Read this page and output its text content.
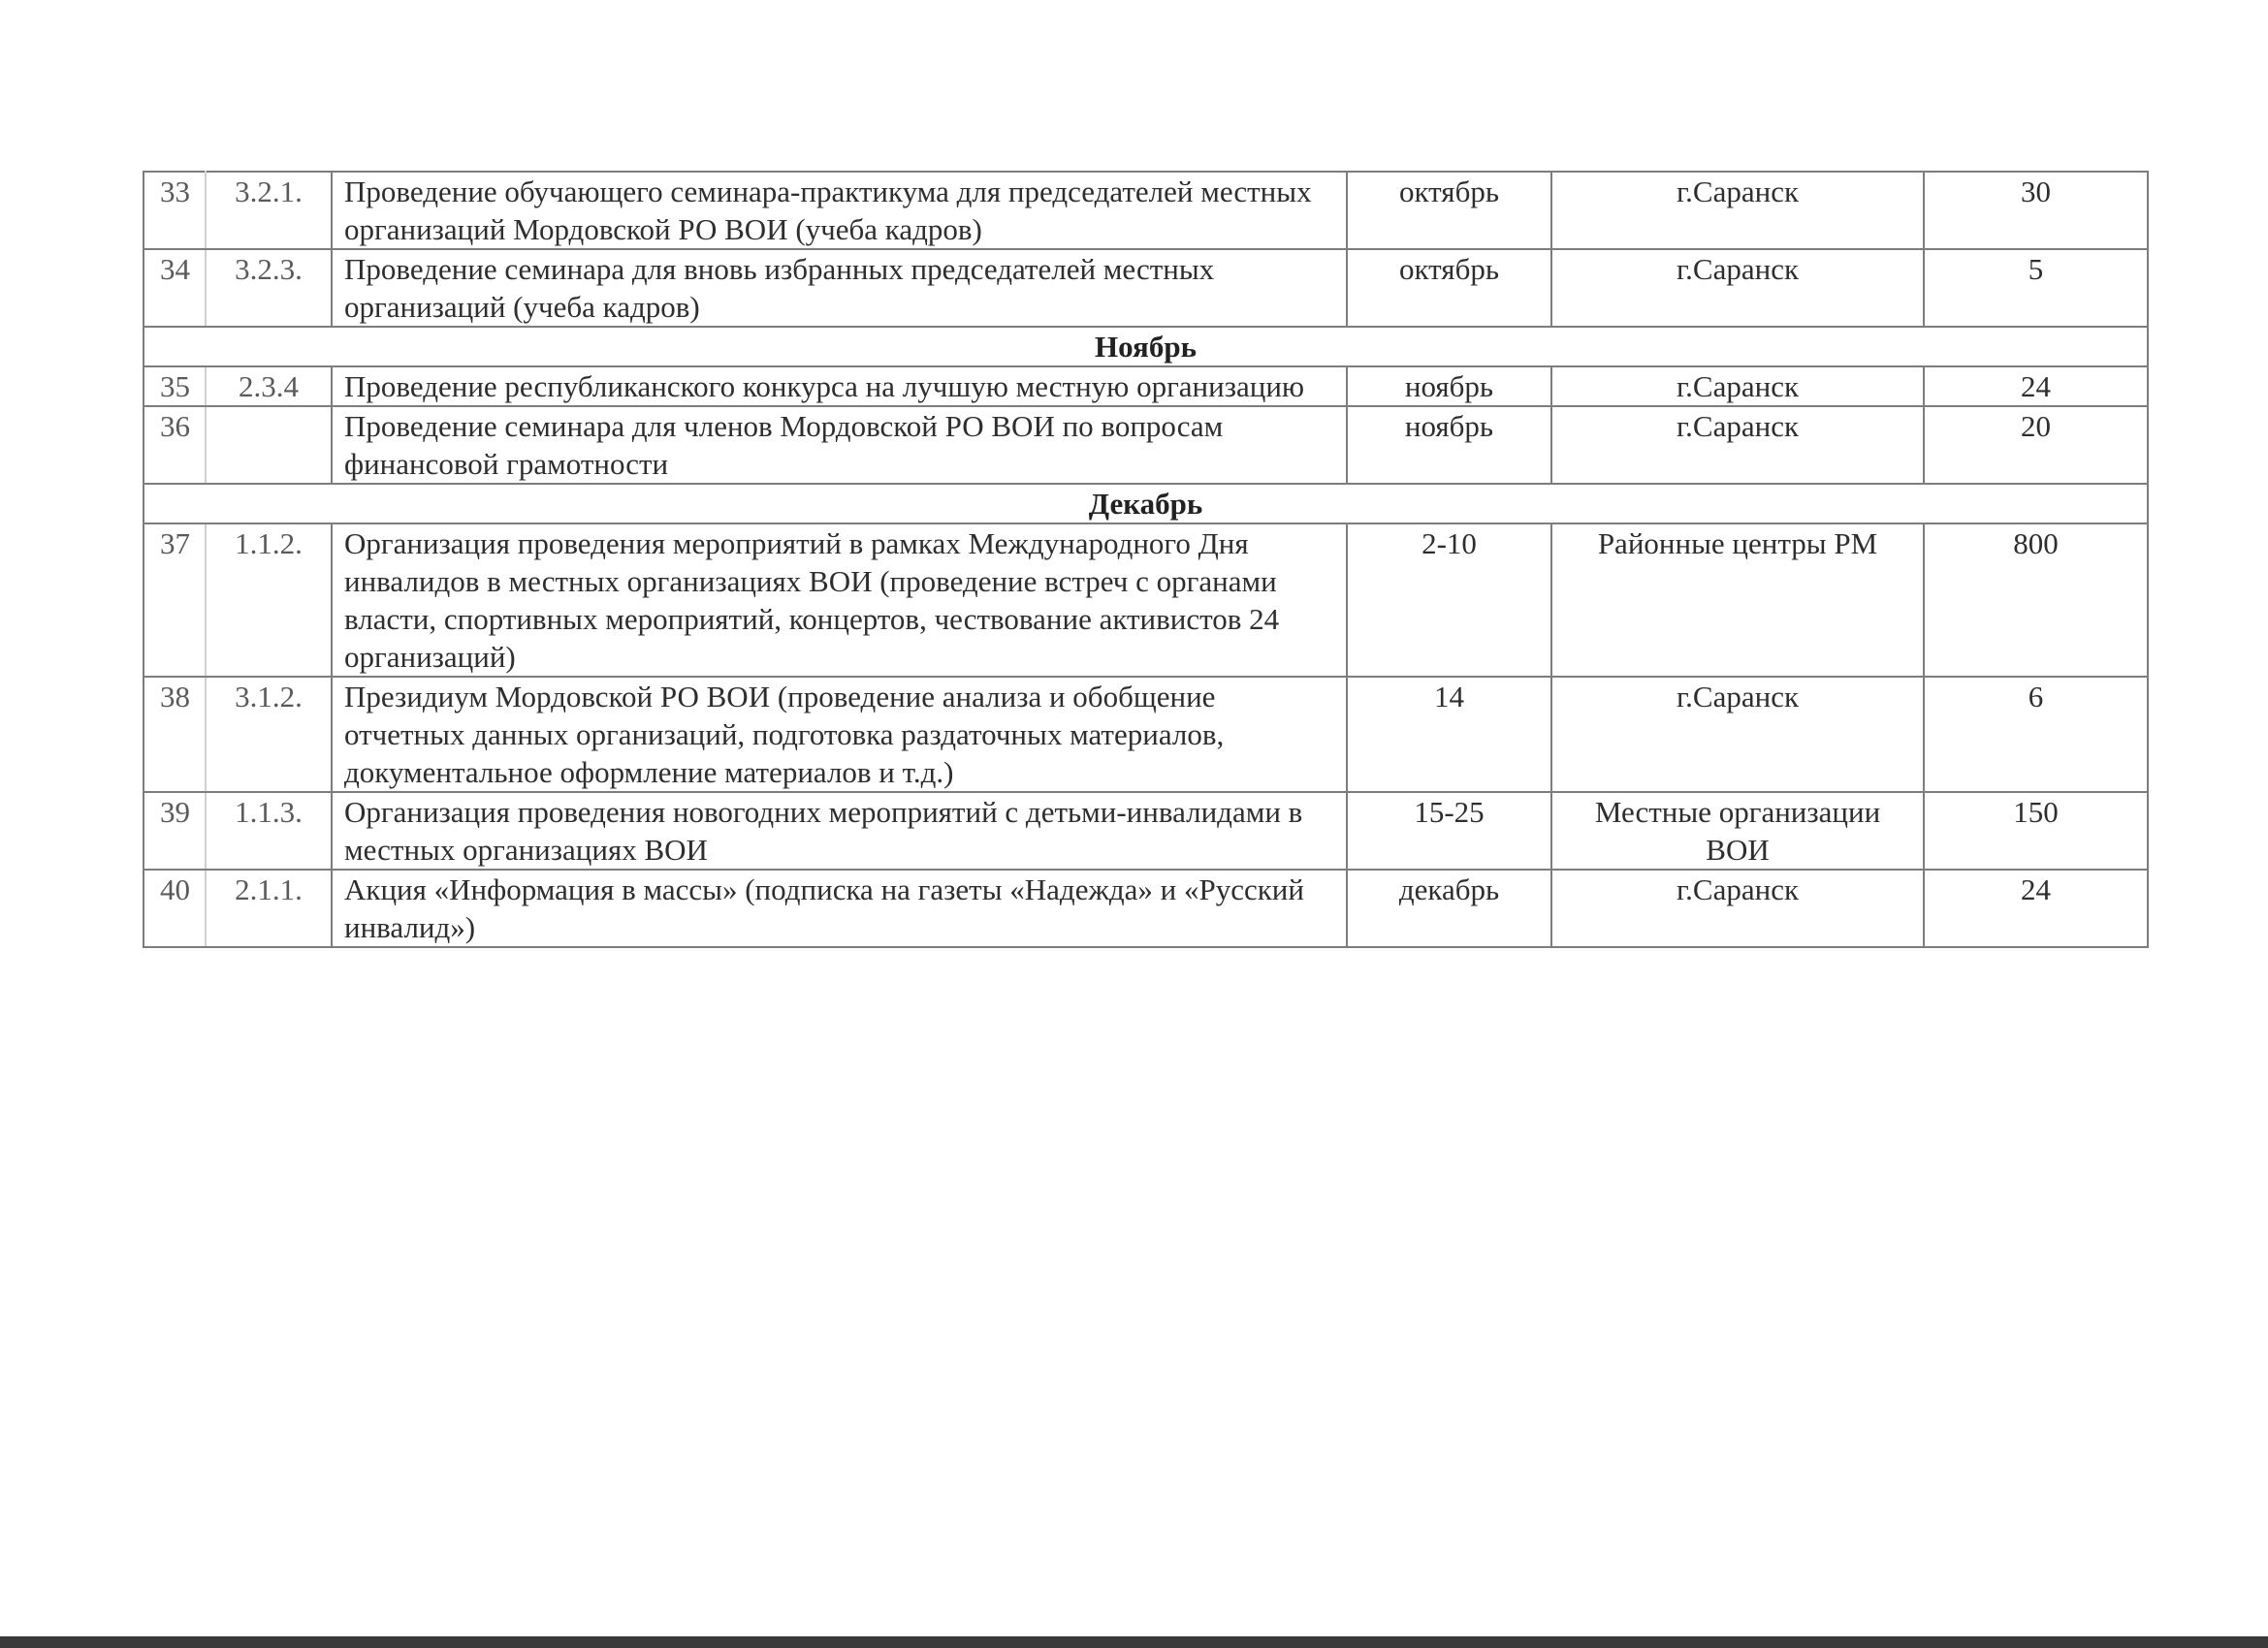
33	3.2.1.	Проведение обучающего семинара-практикума для председателей местных организаций Мордовской РО ВОИ (учеба кадров)	октябрь	г.Саранск	30
34	3.2.3.	Проведение семинара для вновь избранных председателей местных организаций (учеба кадров)	октябрь	г.Саранск	5
Ноябрь					
35	2.3.4	Проведение республиканского конкурса на лучшую местную организацию	ноябрь	г.Саранск	24
36		Проведение семинара для членов Мордовской РО ВОИ по вопросам финансовой грамотности	ноябрь	г.Саранск	20
Декабрь					
37	1.1.2.	Организация проведения мероприятий в рамках Международного Дня инвалидов в местных организациях ВОИ (проведение встреч с органами власти, спортивных мероприятий, концертов, чествование активистов 24 организаций)	2-10	Районные центры РМ	800
38	3.1.2.	Президиум Мордовской РО ВОИ (проведение анализа и обобщение отчетных данных организаций, подготовка раздаточных материалов, документальное оформление материалов и т.д.)	14	г.Саранск	6
39	1.1.3.	Организация проведения новогодних мероприятий с детьми-инвалидами в местных организациях ВОИ	15-25	Местные организации ВОИ	150
40	2.1.1.	Акция «Информация в массы» (подписка на газеты «Надежда» и «Русский инвалид»)	декабрь	г.Саранск	24
